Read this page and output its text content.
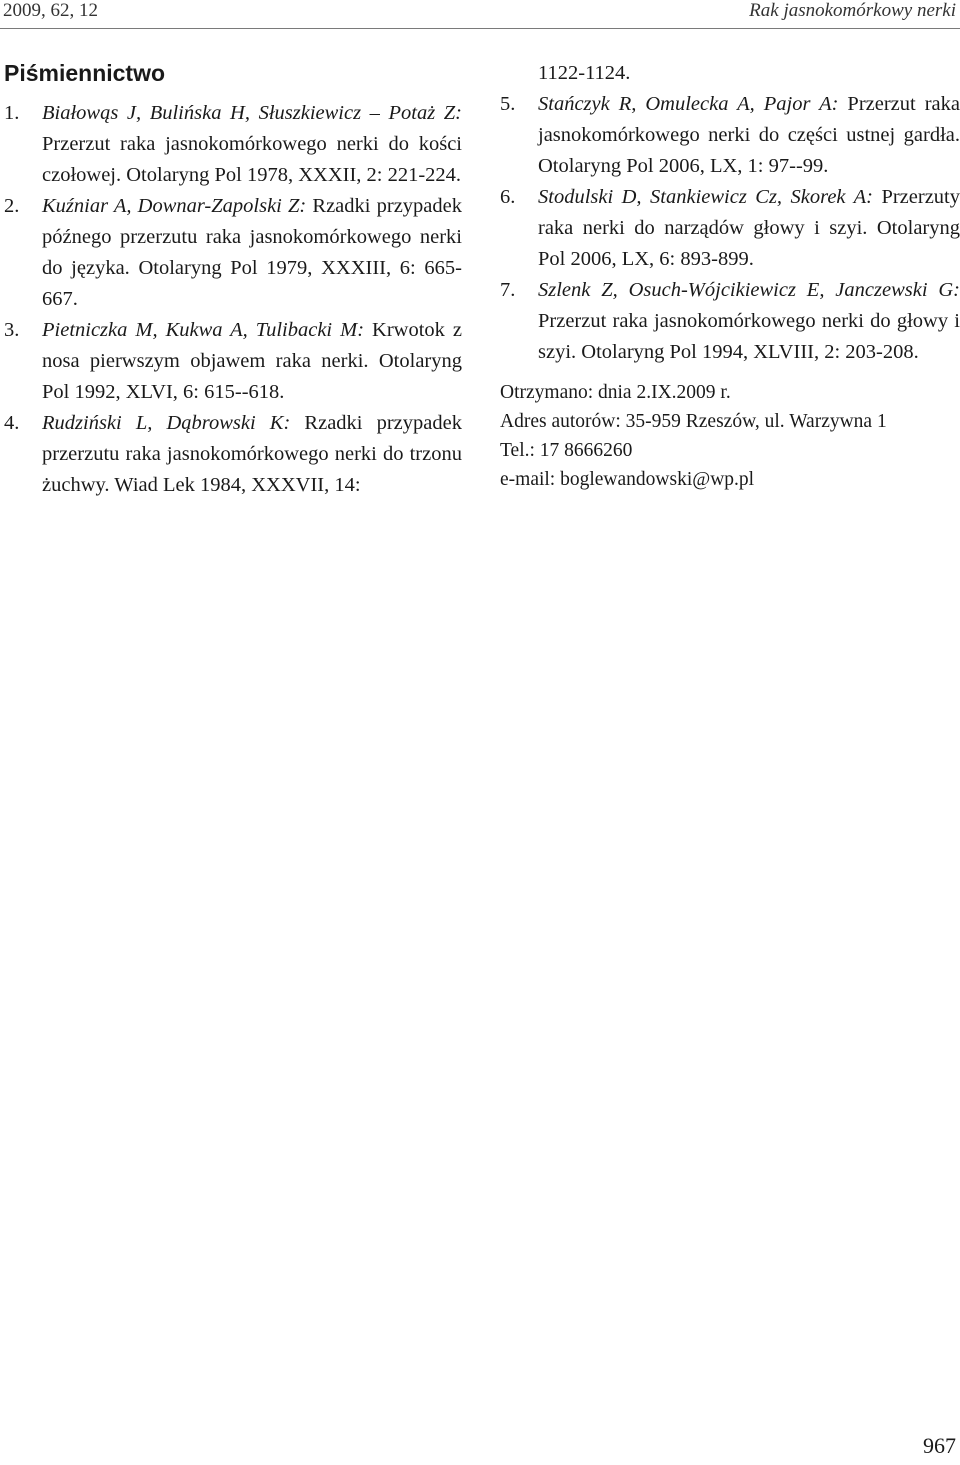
2009, 62, 12	Rak jasnokomórkowy nerki
Piśmiennictwo
1. Białowąs J, Bulińska H, Słuszkiewicz – Potaż Z: Przerzut raka jasnokomórkowego nerki do kości czołowej. Otolaryng Pol 1978, XXXII, 2: 221-224.
2. Kuźniar A, Downar-Zapolski Z: Rzadki przypadek późnego przerzutu raka jasnokomórkowego nerki do języka. Otolaryng Pol 1979, XXXIII, 6: 665-667.
3. Pietniczka M, Kukwa A, Tulibacki M: Krwotok z nosa pierwszym objawem raka nerki. Otolaryng Pol 1992, XLVI, 6: 615--618.
4. Rudziński L, Dąbrowski K: Rzadki przypadek przerzutu raka jasnokomórkowego nerki do trzonu żuchwy. Wiad Lek 1984, XXXVII, 14:
1122-1124.
5. Stańczyk R, Omulecka A, Pajor A: Przerzut raka jasnokomórkowego nerki do części ustnej gardła. Otolaryng Pol 2006, LX, 1: 97--99.
6. Stodulski D, Stankiewicz Cz, Skorek A: Przerzuty raka nerki do narządów głowy i szyi. Otolaryng Pol 2006, LX, 6: 893-899.
7. Szlenk Z, Osuch-Wójcikiewicz E, Janczewski G: Przerzut raka jasnokomórkowego nerki do głowy i szyi. Otolaryng Pol 1994, XLVIII, 2: 203-208.
Otrzymano: dnia 2.IX.2009 r.
Adres autorów: 35-959 Rzeszów, ul. Warzywna 1
Tel.: 17 8666260
e-mail: boglewandowski@wp.pl
967
